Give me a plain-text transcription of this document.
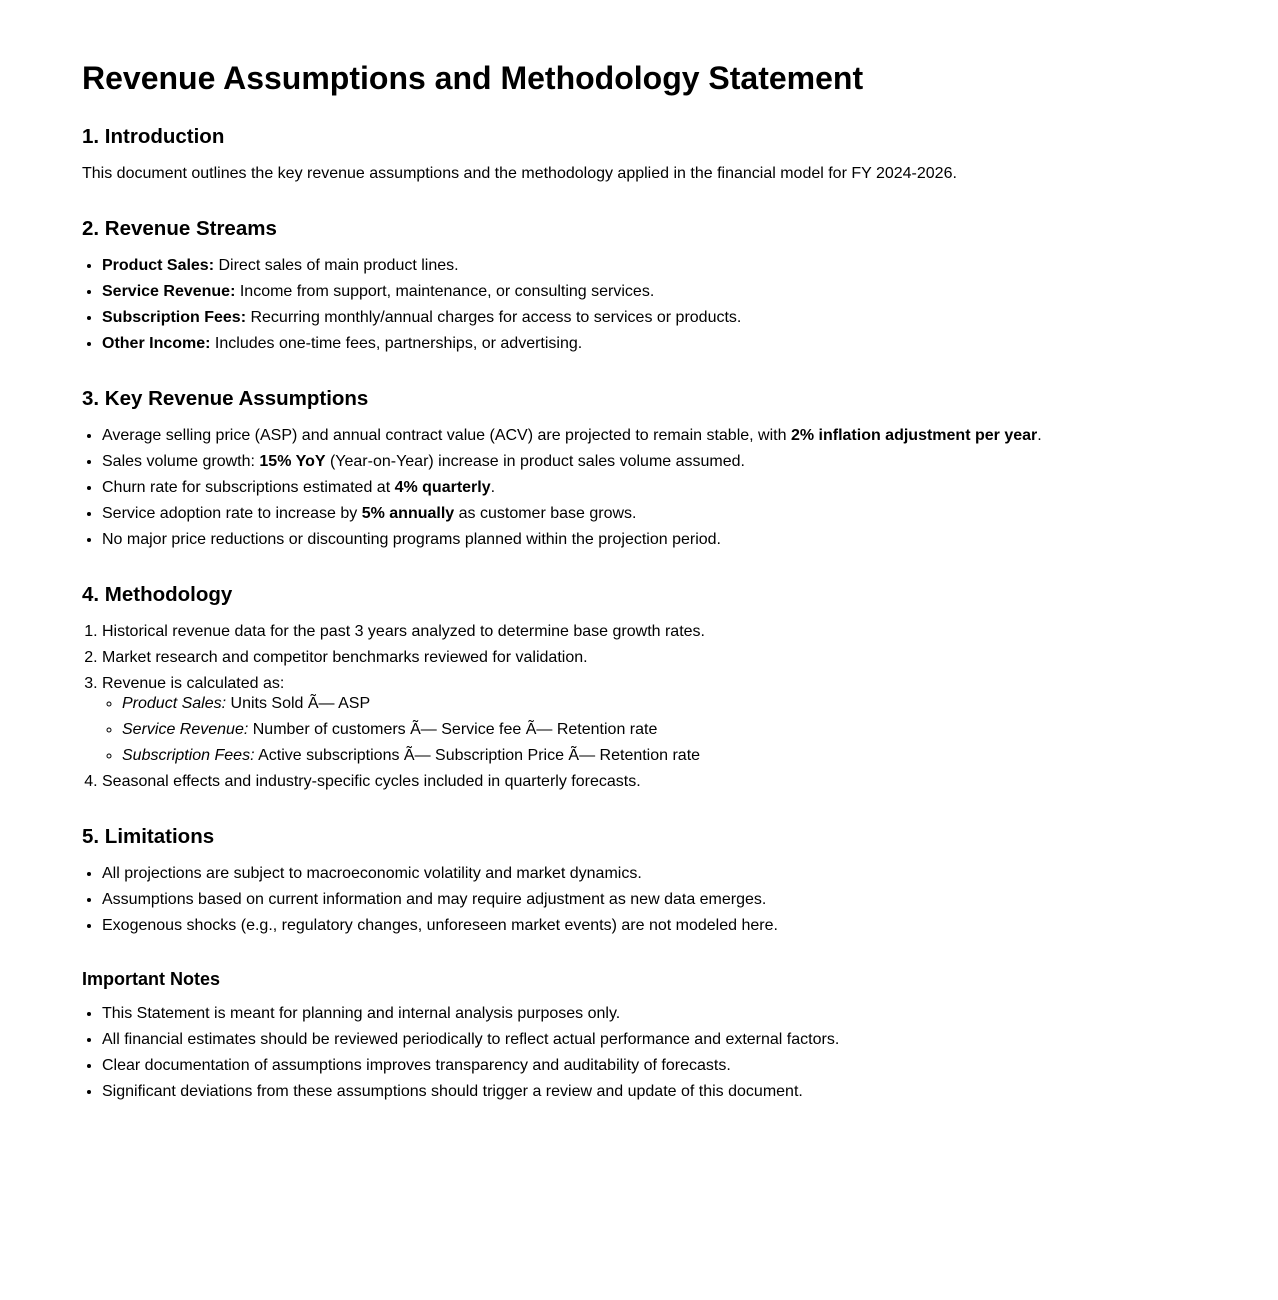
Revenue Assumptions and Methodology Statement
1. Introduction

This document outlines the key revenue assumptions and the methodology applied in the financial model for FY 2024-2026.

2. Revenue Streams
• Product Sales: Direct sales of main product lines.
• Service Revenue: Income from support, maintenance, or consulting services.
• Subscription Fees: Recurring monthly/annual charges for access to services or products.
• Other Income: Includes one-time fees, partnerships, or advertising.
3. Key Revenue Assumptions
• Average selling price (ASP) and annual contract value (ACV) are projected to remain stable, with 2% inflation adjustment per year.
• Sales volume growth: 15% YoY (Year-on-Year) increase in product sales volume assumed.
• Churn rate for subscriptions estimated at 4% quarterly.
• Service adoption rate to increase by 5% annually as customer base grows.
• No major price reductions or discounting programs planned within the projection period.
4. Methodology
1. Historical revenue data for the past 3 years analyzed to determine base growth rates.
2. Market research and competitor benchmarks reviewed for validation.
3. Revenue is calculated as:
◦ Product Sales: Units Sold Ã— ASP
◦ Service Revenue: Number of customers Ã— Service fee Ã— Retention rate
◦ Subscription Fees: Active subscriptions Ã— Subscription Price Ã— Retention rate
4. Seasonal effects and industry-specific cycles included in quarterly forecasts.
5. Limitations
• All projections are subject to macroeconomic volatility and market dynamics.
• Assumptions based on current information and may require adjustment as new data emerges.
• Exogenous shocks (e.g., regulatory changes, unforeseen market events) are not modeled here.
Important Notes
• This Statement is meant for planning and internal analysis purposes only.
• All financial estimates should be reviewed periodically to reflect actual performance and external factors.
• Clear documentation of assumptions improves transparency and auditability of forecasts.
• Significant deviations from these assumptions should trigger a review and update of this document.
